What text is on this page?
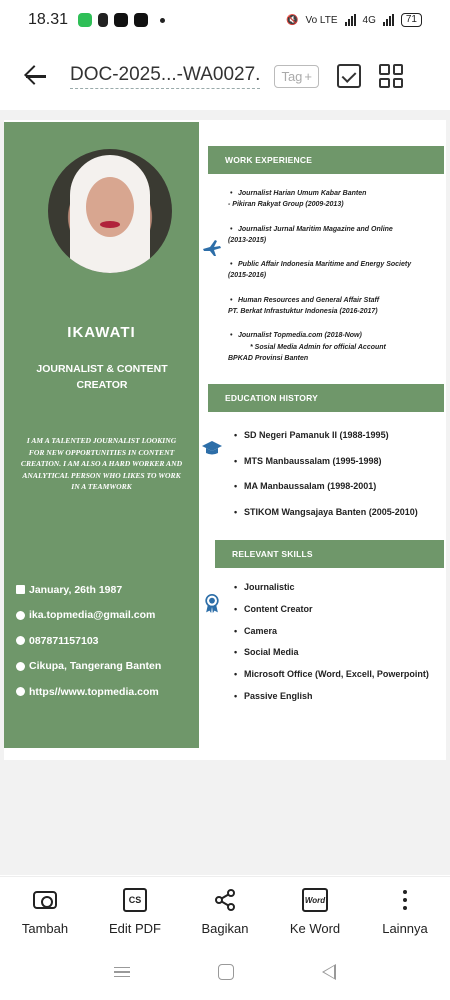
18.31	🔇 Vo LTE	4G	71
DOC-2025...-WA0027. Tag +
IKAWATI
JOURNALIST & CONTENT CREATOR
I AM A TALENTED JOURNALIST LOOKING FOR NEW OPPORTUNITIES IN CONTENT CREATION. I AM ALSO A HARD WORKER AND ANALYTICAL PERSON WHO LIKES TO WORK IN A TEAMWORK
January, 26th 1987
ika.topmedia@gmail.com
087871157103
Cikupa, Tangerang Banten
https//www.topmedia.com
WORK EXPERIENCE
• Journalist Harian Umum Kabar Banten
- Pikiran Rakyat Group (2009-2013)
• Journalist Jurnal Maritim Magazine and Online
(2013-2015)
• Public Affair Indonesia Maritime and Energy Society
(2015-2016)
• Human Resources and General Affair Staff
PT. Berkat Infrastuktur Indonesia (2016-2017)
• Journalist Topmedia.com (2018-Now)
* Sosial Media Admin for official Account
BPKAD Provinsi Banten
EDUCATION HISTORY
• SD Negeri Pamanuk II (1988-1995)
• MTS Manbaussalam (1995-1998)
• MA Manbaussalam (1998-2001)
• STIKOM Wangsajaya Banten (2005-2010)
RELEVANT SKILLS
• Journalistic
• Content Creator
• Camera
• Social Media
• Microsoft Office (Word, Excell, Powerpoint)
• Passive English
Tambah
CS
Edit PDF	Bagikan
Word
Ke Word	Lainnya
